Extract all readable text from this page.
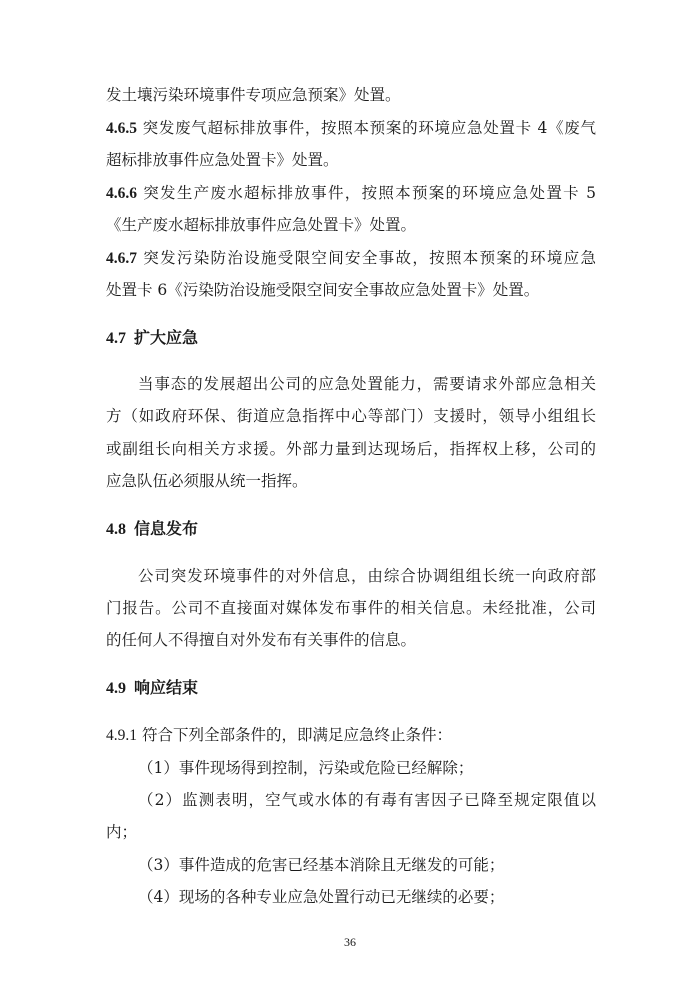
发土壤污染环境事件专项应急预案》处置。
4.6.5 突发废气超标排放事件，按照本预案的环境应急处置卡 4《废气
超标排放事件应急处置卡》处置。
4.6.6 突发生产废水超标排放事件，按照本预案的环境应急处置卡 5
《生产废水超标排放事件应急处置卡》处置。
4.6.7 突发污染防治设施受限空间安全事故，按照本预案的环境应急
处置卡 6《污染防治设施受限空间安全事故应急处置卡》处置。
4.7 扩大应急
当事态的发展超出公司的应急处置能力，需要请求外部应急相关
方（如政府环保、街道应急指挥中心等部门）支援时，领导小组组长
或副组长向相关方求援。外部力量到达现场后，指挥权上移，公司的
应急队伍必须服从统一指挥。
4.8 信息发布
公司突发环境事件的对外信息，由综合协调组组长统一向政府部
门报告。公司不直接面对媒体发布事件的相关信息。未经批准，公司
的任何人不得擅自对外发布有关事件的信息。
4.9 响应结束
4.9.1 符合下列全部条件的，即满足应急终止条件：
（1）事件现场得到控制，污染或危险已经解除；
（2）监测表明，空气或水体的有毒有害因子已降至规定限值以
内；
（3）事件造成的危害已经基本消除且无继发的可能；
（4）现场的各种专业应急处置行动已无继续的必要；
36
